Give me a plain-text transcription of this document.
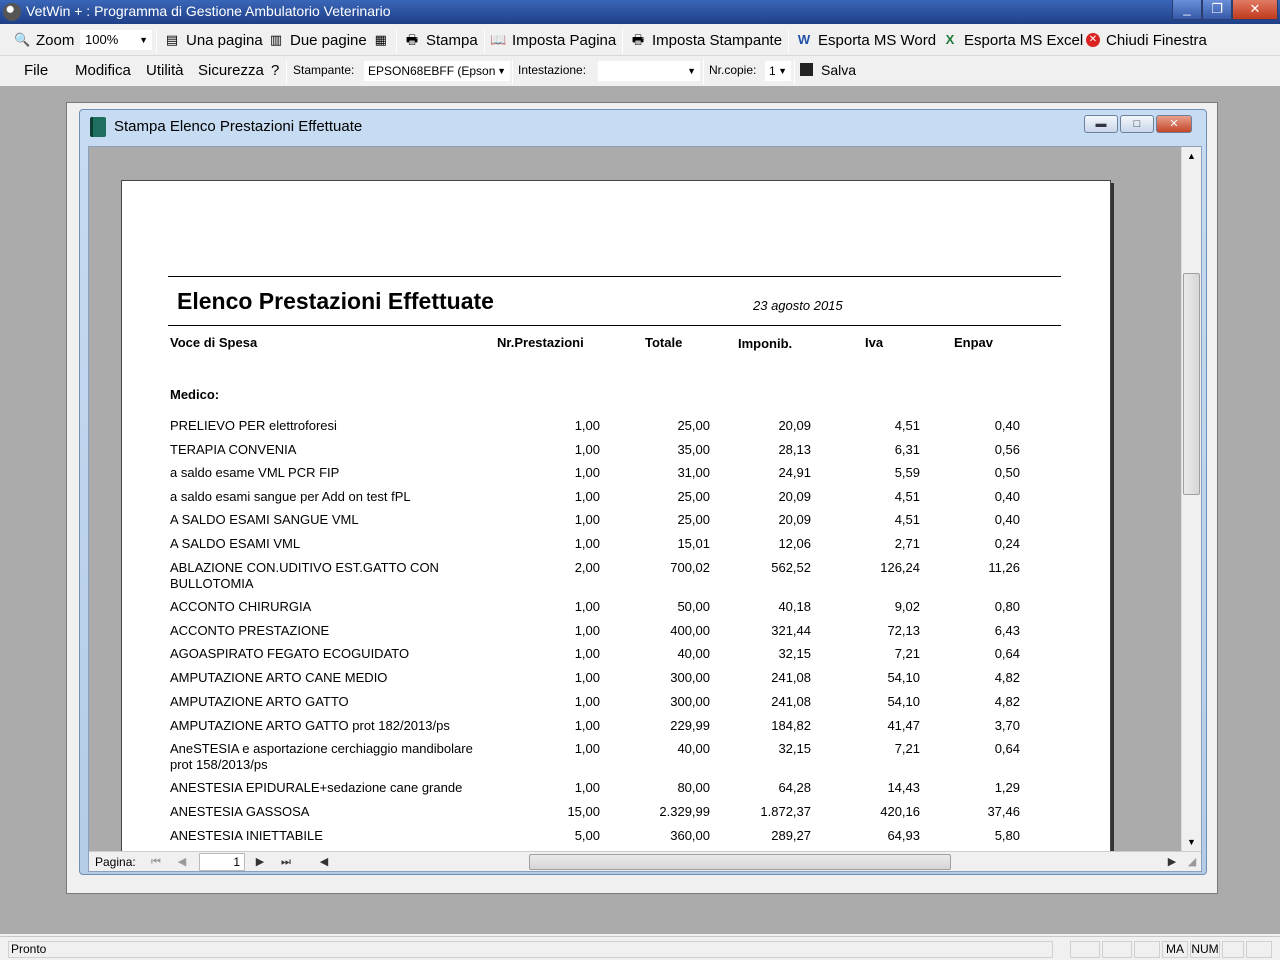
VetWin + : Programma di Gestione Ambulatorio Veterinario	_	❐	✕
🔍 Zoom 100% ▼ ▤ Una pagina ▥ Due pagine ▦ 🖶 Stampa 📖 Imposta Pagina 🖶 Imposta Stampante W Esporta MS Word X Esporta MS Excel ✕ Chiudi Finestra
File Modifica Utilità Sicurezza ? Stampante:	EPSON68EBFF (Epson ▼ Intestazione:	▼ Nr.copie:	1 ▼	Salva
Stampa Elenco Prestazioni Effettuate	▬	□	✕
Elenco Prestazioni Effettuate	23 agosto 2015
Voce di Spesa	Nr.Prestazioni	Totale	Imponib.	Iva	Enpav
Medico:
PRELIEVO PER elettroforesi	1,00	25,00	20,09	4,51	0,40
TERAPIA CONVENIA	1,00	35,00	28,13	6,31	0,56
a saldo esame VML PCR FIP	1,00	31,00	24,91	5,59	0,50
a saldo esami sangue per Add on test fPL	1,00	25,00	20,09	4,51	0,40
A SALDO ESAMI SANGUE VML	1,00	25,00	20,09	4,51	0,40
A SALDO ESAMI VML	1,00	15,01	12,06	2,71	0,24
ABLAZIONE CON.UDITIVO EST.GATTO CON BULLOTOMIA
2,00	700,02	562,52	126,24	11,26
ACCONTO CHIRURGIA	1,00	50,00	40,18	9,02	0,80
ACCONTO PRESTAZIONE	1,00	400,00	321,44	72,13	6,43
AGOASPIRATO FEGATO ECOGUIDATO	1,00	40,00	32,15	7,21	0,64
AMPUTAZIONE ARTO CANE MEDIO	1,00	300,00	241,08	54,10	4,82
AMPUTAZIONE ARTO GATTO	1,00	300,00	241,08	54,10	4,82
AMPUTAZIONE ARTO GATTO prot 182/2013/ps	1,00	229,99	184,82	41,47	3,70
AneSTESIA e asportazione cerchiaggio mandibolare prot 158/2013/ps
1,00	40,00	32,15	7,21	0,64
ANESTESIA EPIDURALE+sedazione cane grande	1,00	80,00	64,28	14,43	1,29
ANESTESIA GASSOSA	15,00	2.329,99	1.872,37	420,16	37,46
ANESTESIA INIETTABILE	5,00	360,00	289,27	64,93	5,80
▲
▼
Pagina:	⏮	◀	1	▶	⏭	◀	▶	◢
Pronto	MA NUM
